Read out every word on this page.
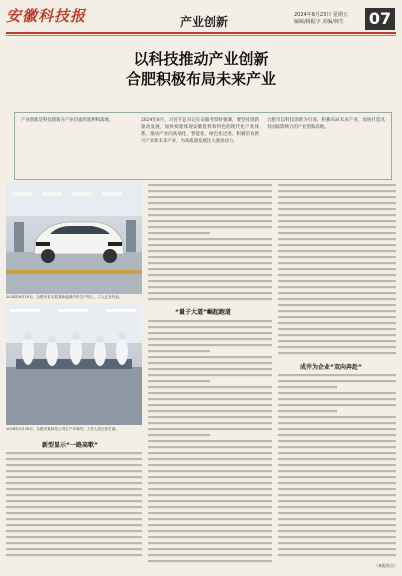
安徽科技报	产业创新	2024年8月23日 星期五
编辑/杨振宇 美编/韩生 07
以科技推动产业创新
合肥积极布局未来产业
产业创新是科技创新在产业层面的延伸和落地。	2024年8月，习近平总书记在安徽考察时强调，要坚持创新驱动发展，加快构建体现安徽优势和特色的现代化产业体系，推动产业向高端化、智能化、绿色化迈进，积极培育新兴产业和未来产业，为高质量发展注入强劲动力。
合肥市以科技创新为引领，积极布局未来产业，加快打造具有国际影响力的产业创新高地。
2024年6月18日，合肥市长丰县某新能源汽车生产线上，工人正在作业。
2024年3月28日，合肥市某科技公司生产车间内，工作人员正在忙碌。
新型显示“一路高歌”
“量子大道”崛起跑道
成井为企业“双向奔赴”
（本报综合）
